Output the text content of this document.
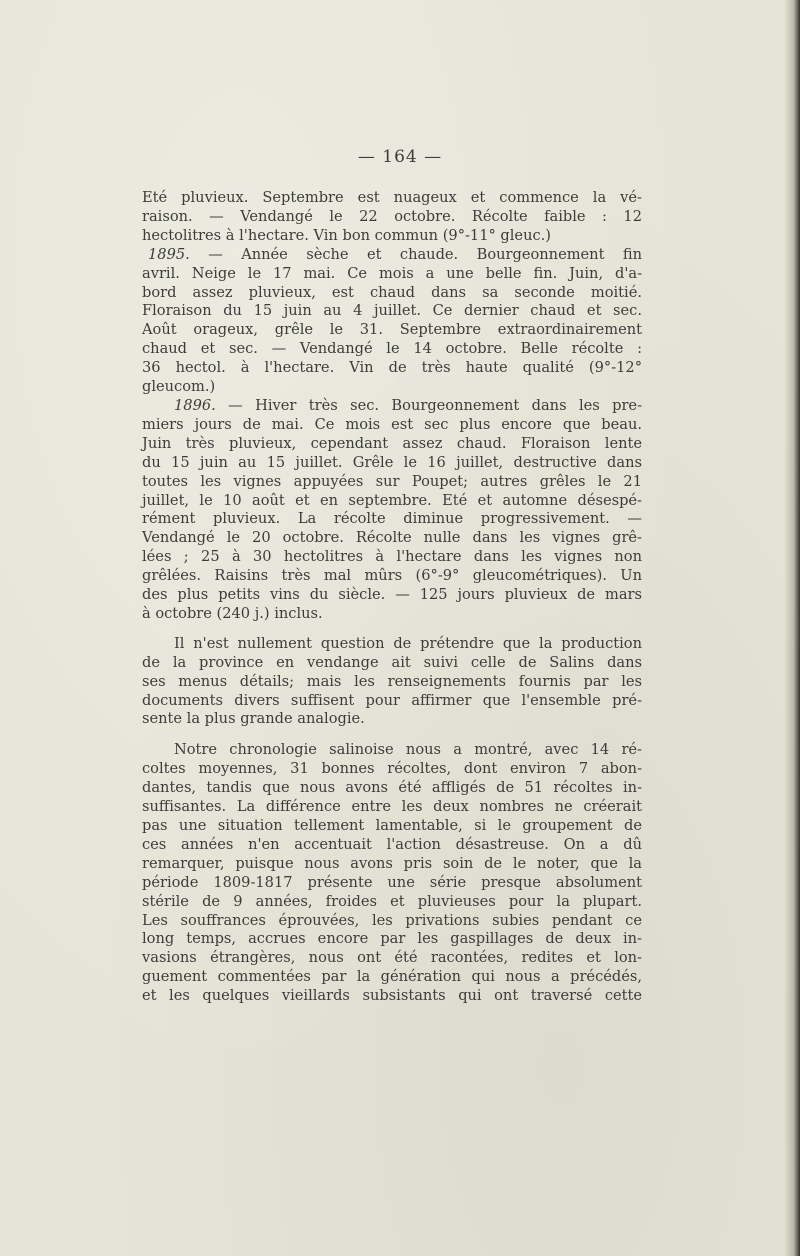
— 164 —
Eté pluvieux. Septembre est nuageux et commence la vé-
raison. — Vendangé le 22 octobre. Récolte faible : 12
hectolitres à l'hectare. Vin bon commun (9°-11° gleuc.)
1895. — Année sèche et chaude. Bourgeonnement fin
avril. Neige le 17 mai. Ce mois a une belle fin. Juin, d'a-
bord assez pluvieux, est chaud dans sa seconde moitié.
Floraison du 15 juin au 4 juillet. Ce dernier chaud et sec.
Août orageux, grêle le 31. Septembre extraordinairement
chaud et sec. — Vendangé le 14 octobre. Belle récolte :
36 hectol. à l'hectare. Vin de très haute qualité (9°-12°
gleucom.)
1896. — Hiver très sec. Bourgeonnement dans les pre-
miers jours de mai. Ce mois est sec plus encore que beau.
Juin très pluvieux, cependant assez chaud. Floraison lente
du 15 juin au 15 juillet. Grêle le 16 juillet, destructive dans
toutes les vignes appuyées sur Poupet; autres grêles le 21
juillet, le 10 août et en septembre. Eté et automne désespé-
rément pluvieux. La récolte diminue progressivement. —
Vendangé le 20 octobre. Récolte nulle dans les vignes grê-
lées ; 25 à 30 hectolitres à l'hectare dans les vignes non
grêlées. Raisins très mal mûrs (6°-9° gleucométriques). Un
des plus petits vins du siècle. — 125 jours pluvieux de mars
à octobre (240 j.) inclus.
Il n'est nullement question de prétendre que la production
de la province en vendange ait suivi celle de Salins dans
ses menus détails; mais les renseignements fournis par les
documents divers suffisent pour affirmer que l'ensemble pré-
sente la plus grande analogie.
Notre chronologie salinoise nous a montré, avec 14 ré-
coltes moyennes, 31 bonnes récoltes, dont environ 7 abon-
dantes, tandis que nous avons été affligés de 51 récoltes in-
suffisantes. La différence entre les deux nombres ne créerait
pas une situation tellement lamentable, si le groupement de
ces années n'en accentuait l'action désastreuse. On a dû
remarquer, puisque nous avons pris soin de le noter, que la
période 1809-1817 présente une série presque absolument
stérile de 9 années, froides et pluvieuses pour la plupart.
Les souffrances éprouvées, les privations subies pendant ce
long temps, accrues encore par les gaspillages de deux in-
vasions étrangères, nous ont été racontées, redites et lon-
guement commentées par la génération qui nous a précédés,
et les quelques vieillards subsistants qui ont traversé cette
